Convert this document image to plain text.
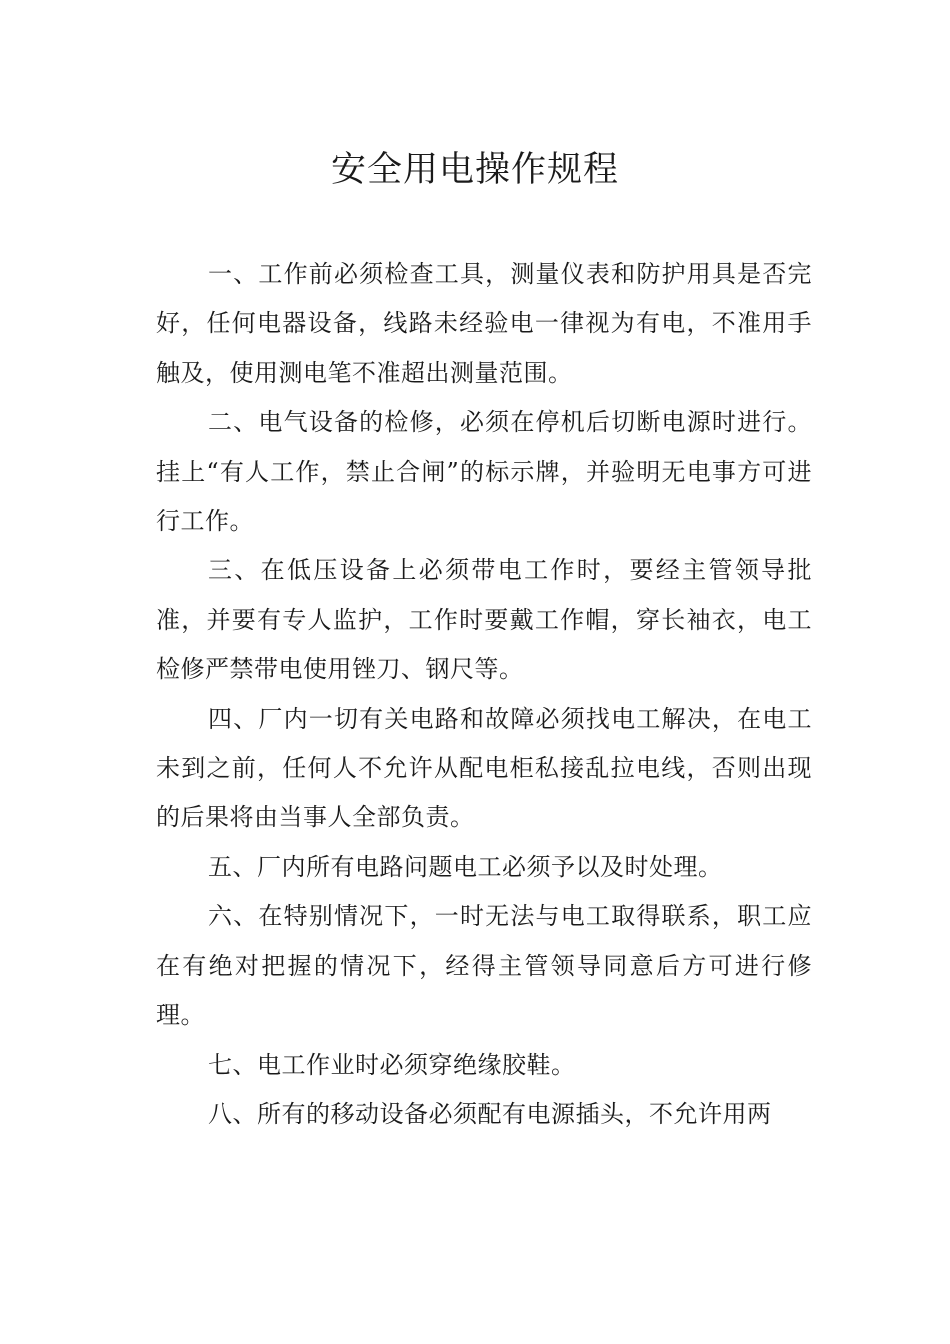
安全用电操作规程

一、工作前必须检查工具，测量仪表和防护用具是否完好，任何电器设备，线路未经验电一律视为有电，不准用手触及，使用测电笔不准超出测量范围。

二、电气设备的检修，必须在停机后切断电源时进行。挂上“有人工作，禁止合闸”的标示牌，并验明无电事方可进行工作。

三、在低压设备上必须带电工作时，要经主管领导批准，并要有专人监护，工作时要戴工作帽，穿长袖衣，电工检修严禁带电使用锉刀、钢尺等。

四、厂内一切有关电路和故障必须找电工解决，在电工未到之前，任何人不允许从配电柜私接乱拉电线，否则出现的后果将由当事人全部负责。

五、厂内所有电路问题电工必须予以及时处理。

六、在特别情况下，一时无法与电工取得联系，职工应在有绝对把握的情况下，经得主管领导同意后方可进行修理。

七、电工作业时必须穿绝缘胶鞋。

八、所有的移动设备必须配有电源插头，不允许用两
